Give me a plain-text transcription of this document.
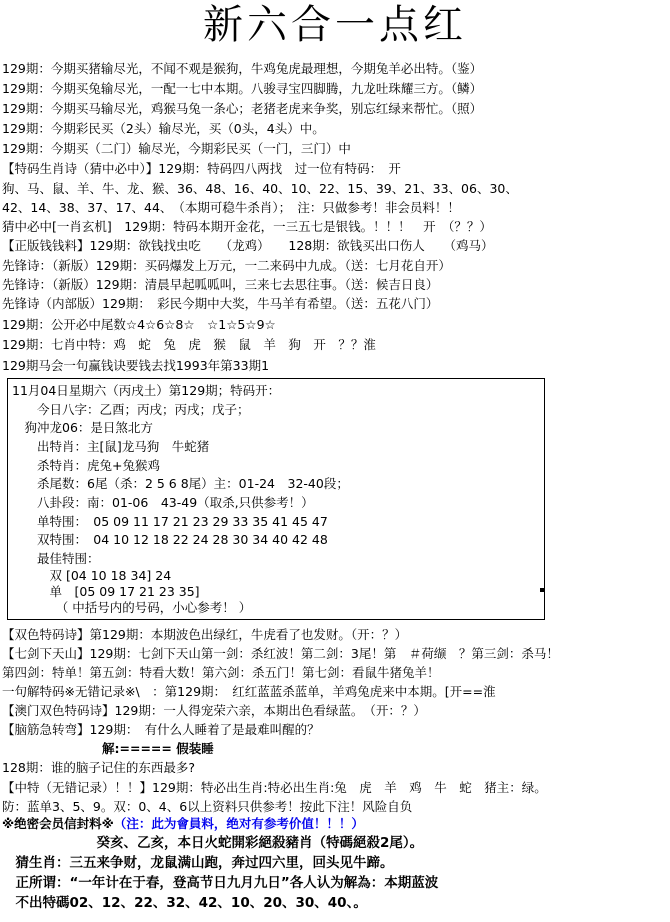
新六合一点红
129期：今期买猪输尽光，不闻不观是猴狗，牛鸡兔虎最理想，今期兔羊必出特。（鉴）
129期：今期买兔输尽光，一配一七中本期。八骏寻宝四脚腾，九龙吐珠耀三方。（鳞）
129期：今期买马输尽光，鸡猴马兔一条心；老猪老虎来争奖，别忘红绿来帮忙。（照）
129期：今期彩民买（2头）输尽光，买（0头，4头）中。
129期：今期买（二门）输尽光，今期彩民买（一门，三门）中
【特码生肖诗（猜中必中）】129期：特码四八两找　过一位有特码：　开
狗、马、鼠、羊、牛、龙、猴、36、48、16、40、10、22、15、39、21、33、06、30、
42、14、38、37、17、44、　（本期可稳牛杀肖）；　注：只做参考！非会员料！！
猜中必中[一肖玄机]　129期：特码本期开金花，一三五七是银钱。！！！　开　（？？）
【正版钱钱料】129期：欲钱找虫吃　　（龙鸡）　　128期：欲钱买出口伤人　　（鸡马）
先锋诗：（新版）129期：买码爆发上万元，一二来码中九成。（送：七月花自开）
先锋诗：（新版）129期：清晨早起呱呱叫，三来七去思往事。（送：候吉日良）
先锋诗（内部版）129期：　彩民今期中大奖，牛马羊有希望。（送：五花八门）
129期：公开必中尾数☆4☆6☆8☆　☆1☆5☆9☆
129期：七肖中特：鸡　蛇　兔　虎　猴　鼠　羊　狗　开　？？淮
129期马会一句赢钱诀要钱去找1993年第33期1
11月04日星期六（丙戌土）第129期；特码开：
　　今日八字：乙酉；丙戌；丙戌；戊子；
　狗冲龙06：是日煞北方
　　出特肖：主[鼠]龙马狗　牛蛇猪
　　杀特肖：虎兔+兔猴鸡
　　杀尾数：6尾（杀：2 5 6 8尾）主：01-24　32-40段；
　　八卦段：南：01-06　43-49（取杀,只供参考！）
　　单特围：　05 09 11 17 21 23 29 33 35 41 45 47
　　双特围：　04 10 12 18 22 24 28 30 34 40 42 48
　　最佳特围：
　　　双 [04 10 18 34] 24
　　　单　[05 09 17 21 23 35]
　　　　（ 中括号内的号码，小心参考！ ）
【双色特码诗】第129期：本期波色出绿红，牛虎看了也发财。（开：？）
【七剑下天山】129期：七剑下天山第一剑：杀红波！第二剑：3尾！第　＃荷缬　？第三剑：杀马！
第四剑：特单！第五剑：特看大数！第六剑：杀五门！第七剑：看鼠牛猪兔羊！
一句解特码※无错记录※\　：第129期：　红红蓝蓝杀蓝单，羊鸡兔虎来中本期。[开==淮
【澳门双色特码诗】129期：一人得宠荣六亲，本期出色看绿蓝。　（开：？）
【脑筋急转弯】129期：　有什么人睡着了是最难叫醒的？
　　　　　　　　解:===== 假装睡
128期：谁的脑子记住的东西最多?
【中特（无错记录）！！】129期：特必出生肖:特必出生肖:兔　虎　羊　鸡　牛　蛇　猪主：绿。
防：蓝单3、5、9。双：0、4、6以上资料只供参考！按此下注！风险自负
※绝密会员信封料※（注：此为會員料，绝对有参考价值！！！）
　　　　　　　癸亥、乙亥，本日火蛇開彩絕殺豬肖（特碼絕殺2尾）。
　猜生肖：三五来争财，龙鼠满山跑，奔过四六里，回头见牛蹄。
　正所谓：“一年计在于春，登高节日九月九日”各人认为解為：本期蓝波
　不出特碼02、12、22、32、42、10、20、30、40、。
